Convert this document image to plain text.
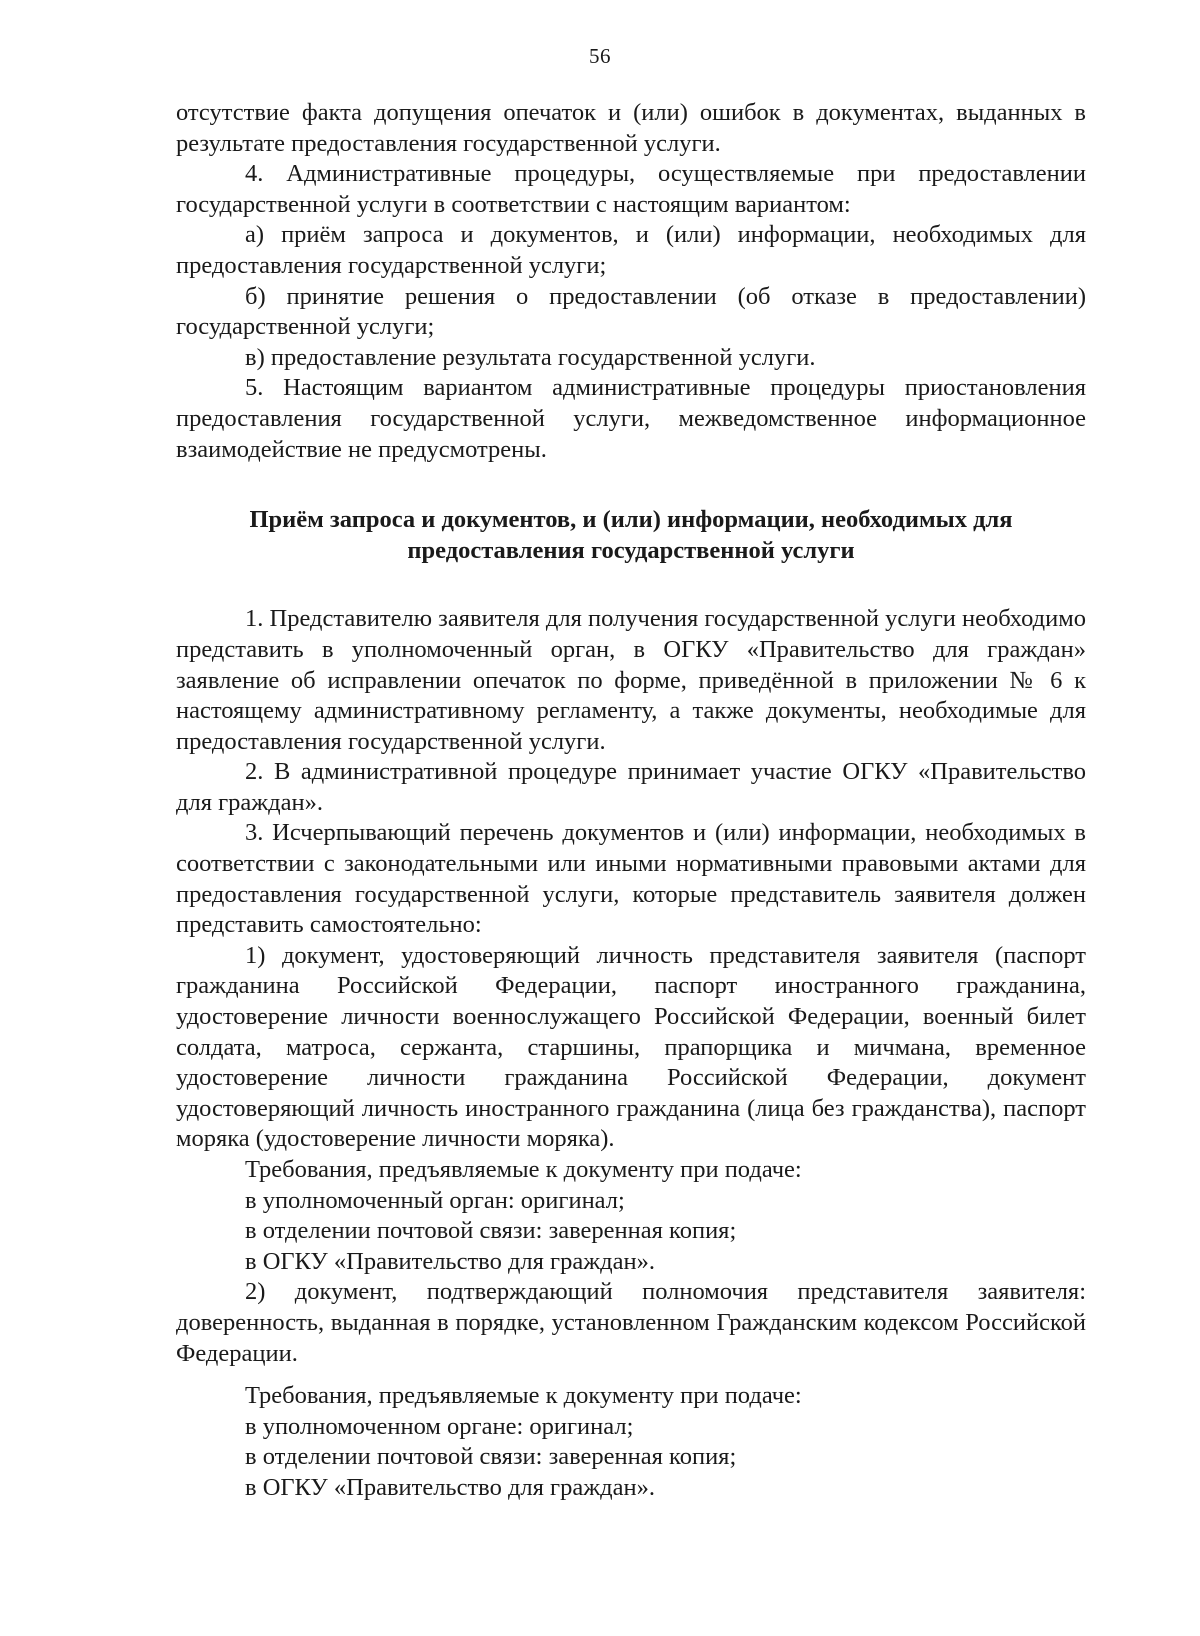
56

отсутствие факта допущения опечаток и (или) ошибок в документах, выданных в результате предоставления государственной услуги.

4. Административные процедуры, осуществляемые при предоставлении государственной услуги в соответствии с настоящим вариантом:

а) приём запроса и документов, и (или) информации, необходимых для предоставления государственной услуги;

б) принятие решения о предоставлении (об отказе в предоставлении) государственной услуги;

в) предоставление результата государственной услуги.

5. Настоящим вариантом административные процедуры приостановления предоставления государственной услуги, межведомственное информационное взаимодействие не предусмотрены.

Приём запроса и документов, и (или) информации, необходимых для
предоставления государственной услуги

1. Представителю заявителя для получения государственной услуги необходимо представить в уполномоченный орган, в ОГКУ «Правительство для граждан» заявление об исправлении опечаток по форме, приведённой в приложении № 6 к настоящему административному регламенту, а также документы, необходимые для предоставления государственной услуги.

2. В административной процедуре принимает участие ОГКУ «Правительство для граждан».

3. Исчерпывающий перечень документов и (или) информации, необходимых в соответствии с законодательными или иными нормативными правовыми актами для предоставления государственной услуги, которые представитель заявителя должен представить самостоятельно:

1) документ, удостоверяющий личность представителя заявителя (паспорт гражданина Российской Федерации, паспорт иностранного гражданина, удостоверение личности военнослужащего Российской Федерации, военный билет солдата, матроса, сержанта, старшины, прапорщика и мичмана, временное удостоверение личности гражданина Российской Федерации, документ удостоверяющий личность иностранного гражданина (лица без гражданства), паспорт моряка (удостоверение личности моряка).

Требования, предъявляемые к документу при подаче:

в уполномоченный орган: оригинал;

в отделении почтовой связи: заверенная копия;

в ОГКУ «Правительство для граждан».

2) документ, подтверждающий полномочия представителя заявителя: доверенность, выданная в порядке, установленном Гражданским кодексом Российской Федерации.

Требования, предъявляемые к документу при подаче:

в уполномоченном органе: оригинал;

в отделении почтовой связи: заверенная копия;

в ОГКУ «Правительство для граждан».
